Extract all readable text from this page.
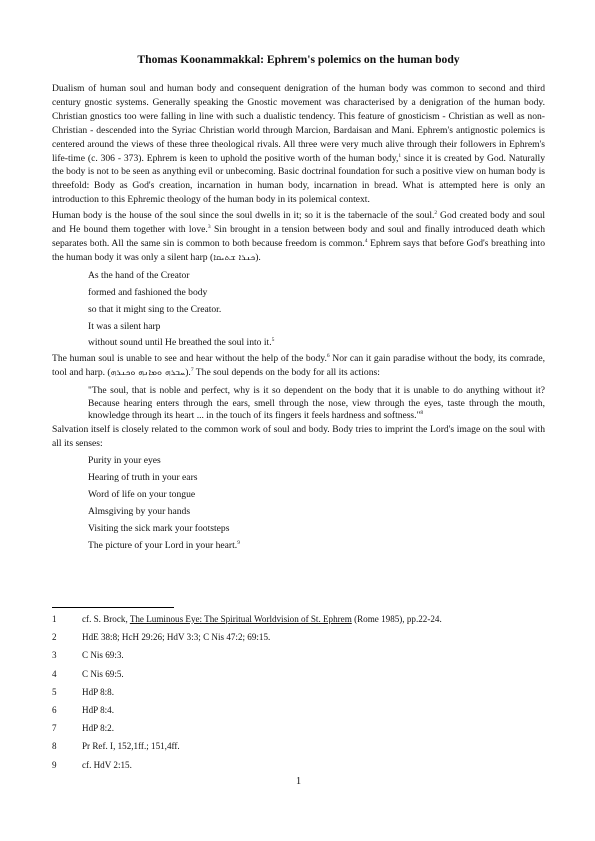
Thomas Koonammakkal: Ephrem's polemics on the human body

Dualism of human soul and human body and consequent denigration of the human body was common to second and third century gnostic systems. Generally speaking the Gnostic movement was characterised by a denigration of the human body. Christian gnostics too were falling in line with such a dualistic tendency. This feature of gnosticism - Christian as well as non-Christian - descended into the Syriac Christian world through Marcion, Bardaisan and Mani. Ephrem's antignostic polemics is centered around the views of these three theological rivals. All three were very much alive through their followers in Ephrem's life-time (c. 306 - 373). Ephrem is keen to uphold the positive worth of the human body,$^1$ since it is created by God. Naturally the body is not to be seen as anything evil or unbecoming. Basic doctrinal foundation for such a positive view on human body is threefold: Body as God's creation, incarnation in human body, incarnation in bread. What is attempted here is only an introduction to this Ephremic theology of the human body in its polemical context.

Human body is the house of the soul since the soul dwells in it; so it is the tabernacle of the soul.$^2$ God created body and soul and He bound them together with love.$^3$ Sin brought in a tension between body and soul and finally introduced death which separates both. All the same sin is common to both because freedom is common.$^4$ Ephrem says that before God's breathing into the human body it was only a silent harp (ܟܢܪܐ ܫܬܝܩܐ).

As the hand of the Creator
formed and fashioned the body
so that it might sing to the Creator.
It was a silent harp
without sound until He breathed the soul into it.$^5$

The human soul is unable to see and hear without the help of the body.$^6$ Nor can it gain paradise without the body, its comrade, tool and harp. (ܚܒܪܗ ܘܡܐܢܗ ܘܟܢܪܗ).$^7$ The soul depends on the body for all its actions:

"The soul, that is noble and perfect, why is it so dependent on the body that it is unable to do anything without it? Because hearing enters through the ears, smell through the nose, view through the eyes, taste through the mouth, knowledge through its heart ... in the touch of its fingers it feels hardness and softness."$^8$

Salvation itself is closely related to the common work of soul and body. Body tries to imprint the Lord's image on the soul with all its senses:

Purity in your eyes
Hearing of truth in your ears
Word of life on your tongue
Almsgiving by your hands
Visiting the sick mark your footsteps
The picture of your Lord in your heart.$^9$
1	cf. S. Brock, The Luminous Eye: The Spiritual Worldvision of St. Ephrem (Rome 1985), pp.22-24.
2	HdE 38:8; HcH 29:26; HdV 3:3; C Nis 47:2; 69:15.
3	C Nis 69:3.
4	C Nis 69:5.
5	HdP 8:8.
6	HdP 8:4.
7	HdP 8:2.
8	Pr Ref. I, 152,1ff.; 151,4ff.
9	cf. HdV 2:15.
1
